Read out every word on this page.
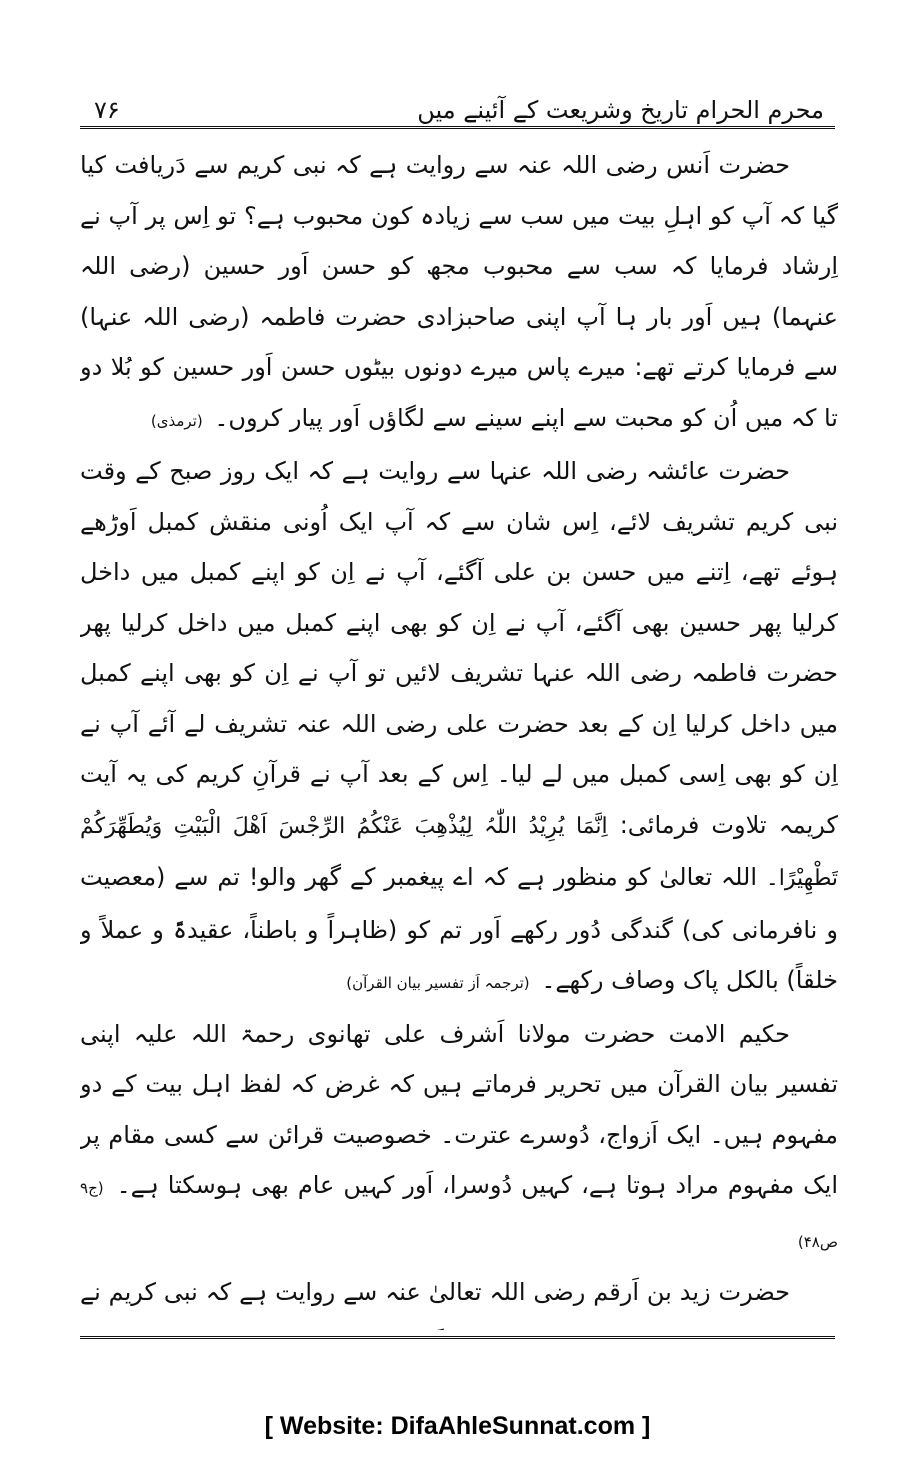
۷۶	محرم الحرام تاریخ وشریعت کے آئینے میں

حضرت اَنس رضی اللہ عنہ سے روایت ہے کہ نبی کریم سے دَریافت کیا گیا کہ آپ کو اہلِ بیت میں سب سے زیادہ کون محبوب ہے؟ تو اِس پر آپ نے اِرشاد فرمایا کہ سب سے محبوب مجھ کو حسن اَور حسین (رضی اللہ عنہما) ہیں اَور بار ہا آپ اپنی صاحبزادی حضرت فاطمہ (رضی اللہ عنہا) سے فرمایا کرتے تھے: میرے پاس میرے دونوں بیٹوں حسن اَور حسین کو بُلا دو تا کہ میں اُن کو محبت سے اپنے سینے سے لگاؤں اَور پیار کروں۔ (ترمذی)

حضرت عائشہ رضی اللہ عنہا سے روایت ہے کہ ایک روز صبح کے وقت نبی کریم تشریف لائے، اِس شان سے کہ آپ ایک اُونی منقش کمبل اَوڑھے ہوئے تھے، اِتنے میں حسن بن علی آگئے، آپ نے اِن کو اپنے کمبل میں داخل کرلیا پھر حسین بھی آگئے، آپ نے اِن کو بھی اپنے کمبل میں داخل کرلیا پھر حضرت فاطمہ رضی اللہ عنہا تشریف لائیں تو آپ نے اِن کو بھی اپنے کمبل میں داخل کرلیا اِن کے بعد حضرت علی رضی اللہ عنہ تشریف لے آئے آپ نے اِن کو بھی اِسی کمبل میں لے لیا۔ اِس کے بعد آپ نے قرآنِ کریم کی یہ آیت کریمہ تلاوت فرمائی: اِنَّمَا یُرِیْدُ اللّٰہُ لِیُذْھِبَ عَنْکُمُ الرِّجْسَ اَھْلَ الْبَیْتِ وَیُطَھِّرَکُمْ تَطْھِیْرًا۔ اللہ تعالیٰ کو منظور ہے کہ اے پیغمبر کے گھر والو! تم سے (معصیت و نافرمانی کی) گندگی دُور رکھے اَور تم کو (ظاہراً و باطناً، عقیدۃً و عملاً و خلقاً) بالکل پاک وصاف رکھے۔ (ترجمہ اَز تفسیر بیان القرآن)

حکیم الامت حضرت مولانا اَشرف علی تھانوی رحمۃ اللہ علیہ اپنی تفسیر بیان القرآن میں تحریر فرماتے ہیں کہ غرض کہ لفظ اہل بیت کے دو مفہوم ہیں۔ ایک اَزواج، دُوسرے عترت۔ خصوصیت قرائن سے کسی مقام پر ایک مفہوم مراد ہوتا ہے، کہیں دُوسرا، اَور کہیں عام بھی ہوسکتا ہے۔ (ج۹ ص۴۸)

حضرت زید بن اَرقم رضی اللہ تعالیٰ عنہ سے روایت ہے کہ نبی کریم نے

[ Website: DifaAhleSunnat.com ]
